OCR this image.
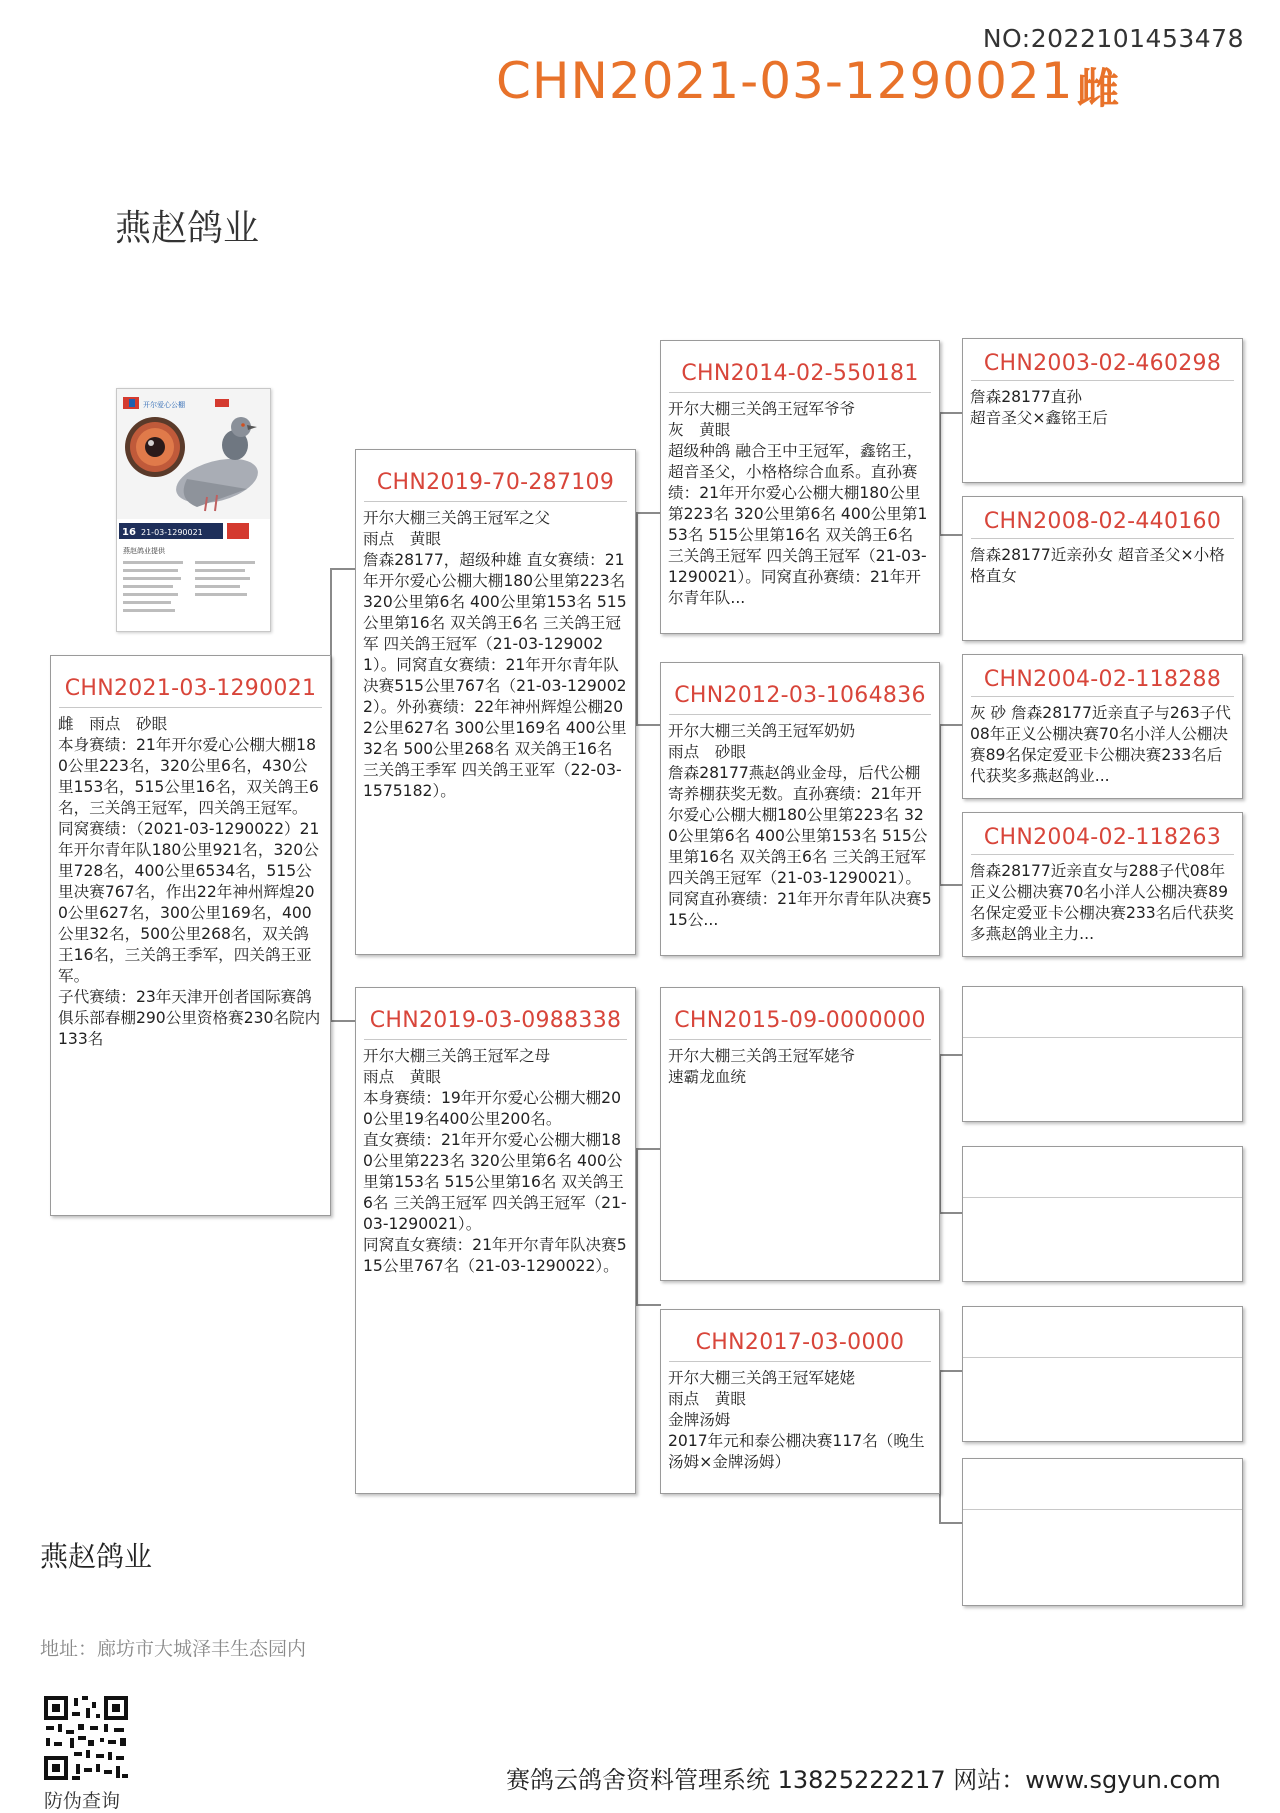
NO:2022101453478
CHN2021-03-1290021 雌
燕赵鸽业
开尔爱心公棚
16 21-03-1290021
燕赵鸽业提供
CHN2021-03-1290021
雌　雨点　砂眼
本身赛绩：21年开尔爱心公棚大棚180公里223名，320公里6名，430公里153名，515公里16名，双关鸽王6名，三关鸽王冠军，四关鸽王冠军。
同窝赛绩：（2021-03-1290022）21年开尔青年队180公里921名，320公里728名，400公里6534名，515公里决赛767名，作出22年神州辉煌200公里627名，300公里169名，400公里32名，500公里268名，双关鸽王16名，三关鸽王季军，四关鸽王亚军。
子代赛绩：23年天津开创者国际赛鸽俱乐部春棚290公里资格赛230名院内133名
CHN2019-70-287109
开尔大棚三关鸽王冠军之父
雨点　黄眼
詹森28177，超级种雄 直女赛绩：21年开尔爱心公棚大棚180公里第223名 320公里第6名 400公里第153名 515公里第16名 双关鸽王6名 三关鸽王冠军 四关鸽王冠军（21-03-1290021）。同窝直女赛绩：21年开尔青年队决赛515公里767名（21-03-1290022）。外孙赛绩：22年神州辉煌公棚202公里627名 300公里169名 400公里32名 500公里268名 双关鸽王16名 三关鸽王季军 四关鸽王亚军（22-03-1575182）。
CHN2019-03-0988338
开尔大棚三关鸽王冠军之母
雨点　黄眼
本身赛绩：19年开尔爱心公棚大棚200公里19名400公里200名。
直女赛绩：21年开尔爱心公棚大棚180公里第223名 320公里第6名 400公里第153名 515公里第16名 双关鸽王6名 三关鸽王冠军 四关鸽王冠军（21-03-1290021）。
同窝直女赛绩：21年开尔青年队决赛515公里767名（21-03-1290022）。
CHN2014-02-550181
开尔大棚三关鸽王冠军爷爷
灰　黄眼
超级种鸽 融合王中王冠军，鑫铭王，超音圣父，小格格综合血系。直孙赛绩：21年开尔爱心公棚大棚180公里第223名 320公里第6名 400公里第153名 515公里第16名 双关鸽王6名 三关鸽王冠军 四关鸽王冠军（21-03-1290021）。同窝直孙赛绩：21年开尔青年队...
CHN2012-03-1064836
开尔大棚三关鸽王冠军奶奶
雨点　砂眼
詹森28177燕赵鸽业金母，后代公棚寄养棚获奖无数。直孙赛绩：21年开尔爱心公棚大棚180公里第223名 320公里第6名 400公里第153名 515公里第16名 双关鸽王6名 三关鸽王冠军 四关鸽王冠军（21-03-1290021）。同窝直孙赛绩：21年开尔青年队决赛515公...
CHN2015-09-0000000
开尔大棚三关鸽王冠军姥爷
速霸龙血统
CHN2017-03-0000
开尔大棚三关鸽王冠军姥姥
雨点　黄眼
金牌汤姆
2017年元和泰公棚决赛117名（晚生汤姆×金牌汤姆）
CHN2003-02-460298
詹森28177直孙
超音圣父×鑫铭王后
CHN2008-02-440160
詹森28177近亲孙女 超音圣父×小格格直女
CHN2004-02-118288
灰 砂 詹森28177近亲直子与263子代08年正义公棚决赛70名小洋人公棚决赛89名保定爱亚卡公棚决赛233名后代获奖多燕赵鸽业...
CHN2004-02-118263
詹森28177近亲直女与288子代08年正义公棚决赛70名小洋人公棚决赛89名保定爱亚卡公棚决赛233名后代获奖多燕赵鸽业主力...
燕赵鸽业
地址：廊坊市大城泽丰生态园内
防伪查询
赛鸽云鸽舍资料管理系统 13825222217 网站：www.sgyun.com
